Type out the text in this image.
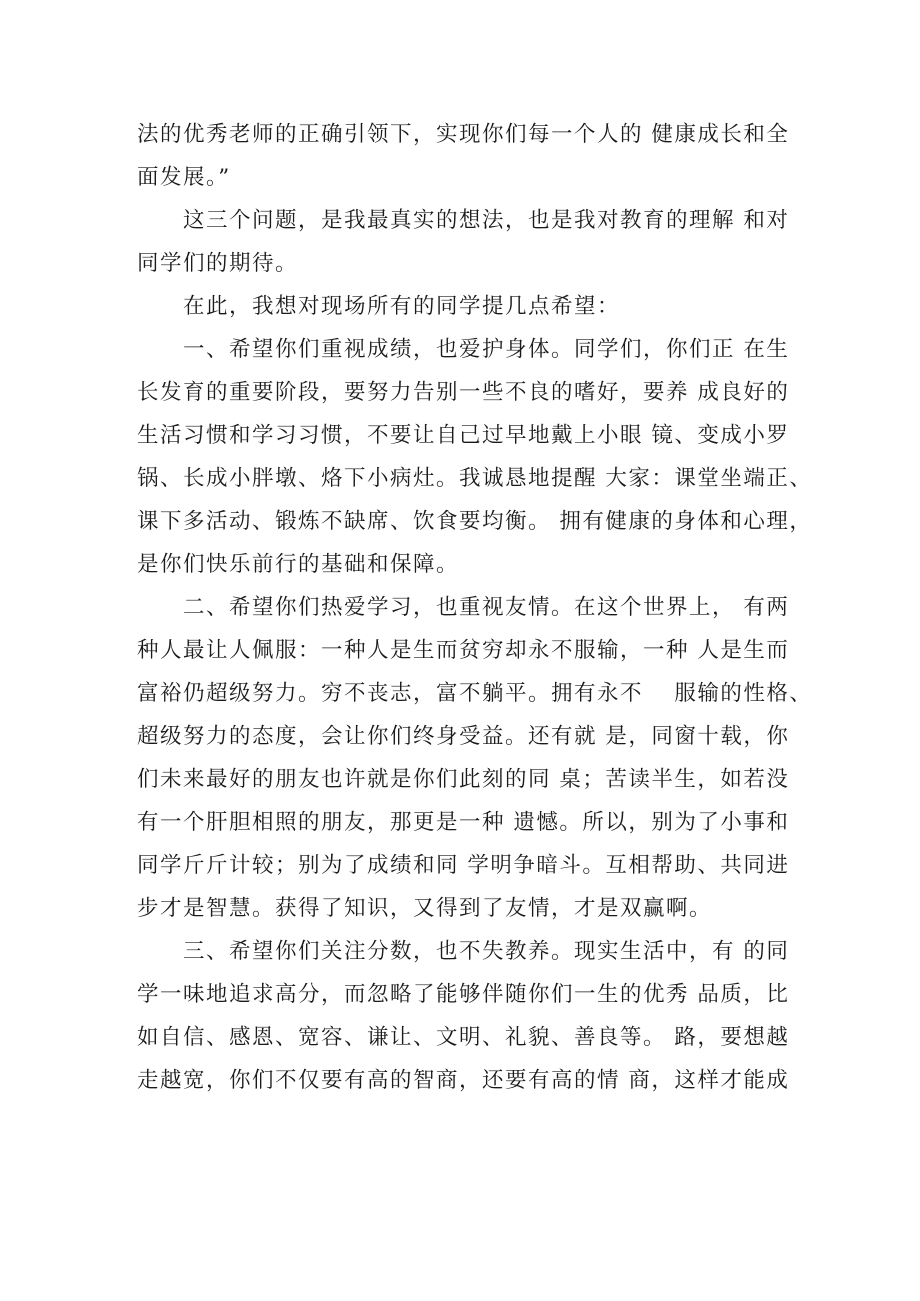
法的优秀老师的正确引领下，实现你们每一个人的 健康成长和全
面发展。”
这三个问题，是我最真实的想法，也是我对教育的理解 和对
同学们的期待。
在此，我想对现场所有的同学提几点希望：
一、希望你们重视成绩，也爱护身体。同学们，你们正 在生
长发育的重要阶段，要努力告别一些不良的嗜好，要养 成良好的
生活习惯和学习习惯，不要让自己过早地戴上小眼 镜、变成小罗
锅、长成小胖墩、烙下小病灶。我诚恳地提醒 大家：课堂坐端正、
课下多活动、锻炼不缺席、饮食要均衡。 拥有健康的身体和心理，
是你们快乐前行的基础和保障。
二、希望你们热爱学习，也重视友情。在这个世界上， 有两
种人最让人佩服：一种人是生而贫穷却永不服输，一种 人是生而
富裕仍超级努力。穷不丧志，富不躺平。拥有永不　 服输的性格、
超级努力的态度，会让你们终身受益。还有就 是，同窗十载，你
们未来最好的朋友也许就是你们此刻的同 桌；苦读半生，如若没
有一个肝胆相照的朋友，那更是一种 遗憾。所以，别为了小事和
同学斤斤计较；别为了成绩和同 学明争暗斗。互相帮助、共同进
步才是智慧。获得了知识，又得到了友情，才是双赢啊。
三、希望你们关注分数，也不失教养。现实生活中，有 的同
学一味地追求高分，而忽略了能够伴随你们一生的优秀 品质，比
如自信、感恩、宽容、谦让、文明、礼貌、善良等。 路，要想越
走越宽，你们不仅要有高的智商，还要有高的情 商，这样才能成
